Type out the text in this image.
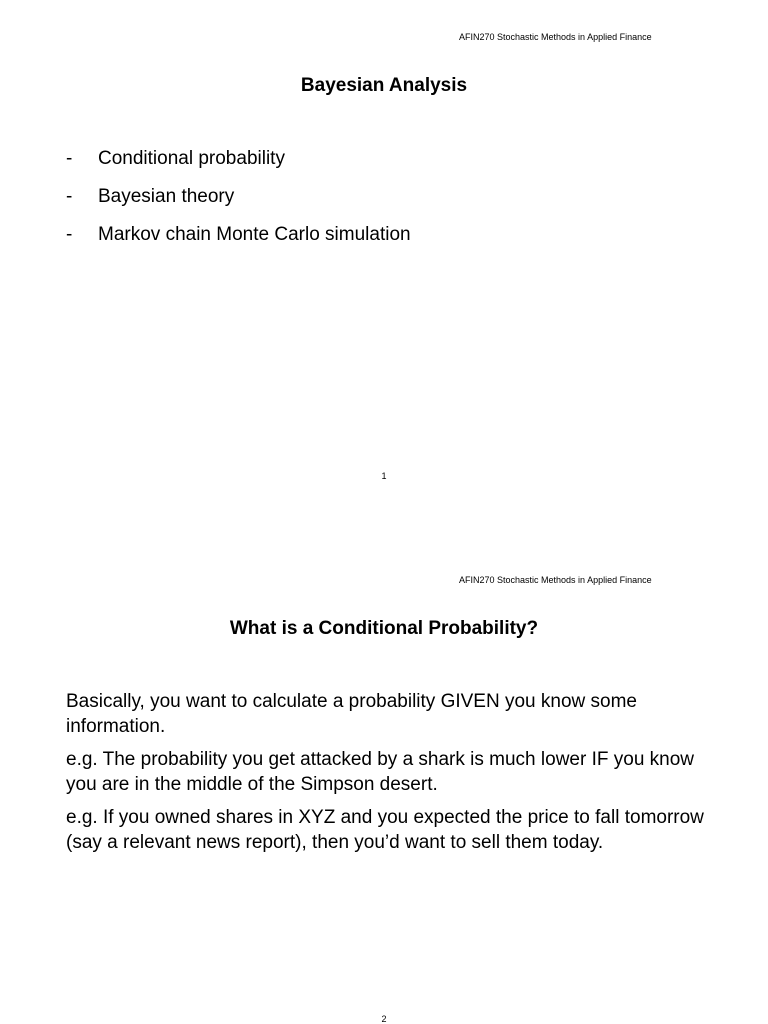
AFIN270 Stochastic Methods in Applied Finance
Bayesian Analysis
- Conditional probability
- Bayesian theory
- Markov chain Monte Carlo simulation
1
AFIN270 Stochastic Methods in Applied Finance
What is a Conditional Probability?

Basically, you want to calculate a probability GIVEN you know some information.

e.g. The probability you get attacked by a shark is much lower IF you know you are in the middle of the Simpson desert.

e.g. If you owned shares in XYZ and you expected the price to fall tomorrow (say a relevant news report), then you’d want to sell them today.

2
